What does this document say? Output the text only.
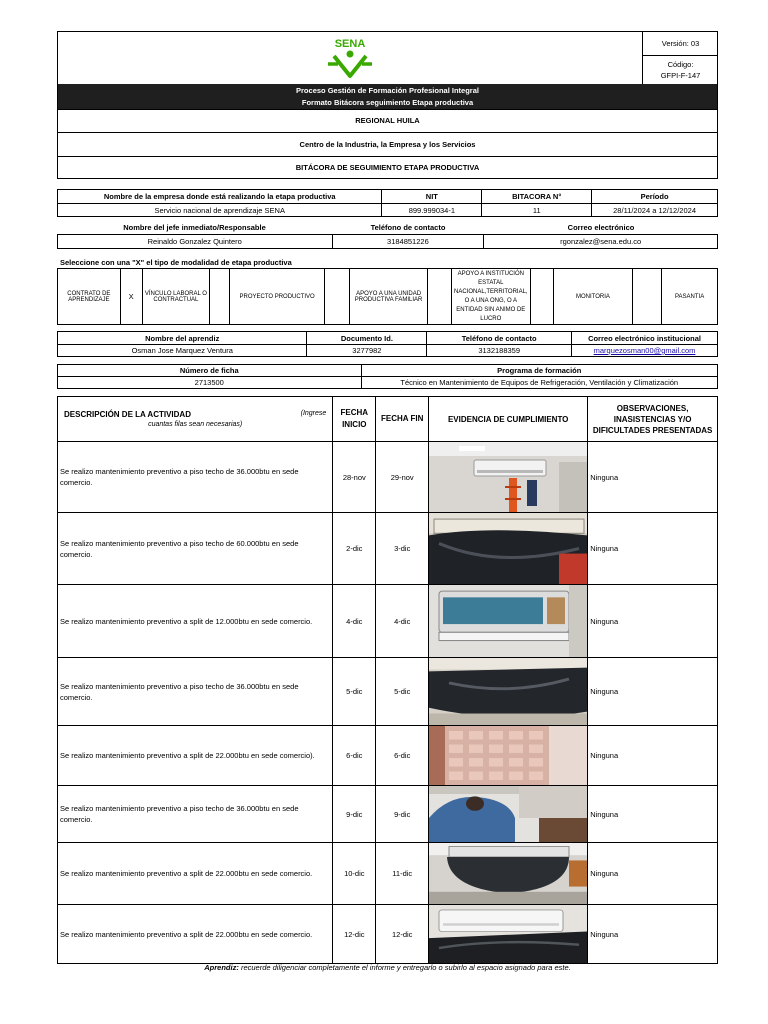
SENA	Versión: 03
Código:
GFPI-F-147
Proceso Gestión de Formación Profesional Integral
Formato Bitácora seguimiento Etapa productiva
REGIONAL HUILA
Centro de la Industria, la Empresa y los Servicios
BITÁCORA DE SEGUIMIENTO ETAPA PRODUCTIVA
Nombre de la empresa donde está realizando la etapa productiva	NIT	BITACORA N°	Período
Servicio nacional de aprendizaje SENA	899.999034-1	11	28/11/2024 a 12/12/2024
Nombre del jefe inmediato/Responsable	Teléfono de contacto	Correo electrónico
Reinaldo Gonzalez Quintero	3184851226	rgonzalez@sena.edu.co
Seleccione con una "X" el tipo de modalidad de etapa productiva
CONTRATO DE APRENDIZAJE	X	VÍNCULO LABORAL O CONTRACTUAL		PROYECTO PRODUCTIVO		APOYO A UNA UNIDAD PRODUCTIVA FAMILIAR		APOYO A INSTITUCIÓN ESTATAL NACIONAL,TERRITORIAL, O A UNA ONG, O A ENTIDAD SIN ANIMO DE LUCRO		MONITORIA		PASANTIA
Nombre del aprendiz	Documento Id.	Teléfono de contacto	Correo electrónico institucional
Osman Jose Marquez Ventura	3277982	3132188359	marquezosman00@gmail.com
Número de ficha	Programa de formación
2713500	Técnico en Mantenimiento de Equipos de Refrigeración, Ventilación y Climatización
DESCRIPCIÓN DE LA ACTIVIDAD (Ingrese
cuantas filas sean necesarias)	FECHA INICIO	FECHA FIN	EVIDENCIA DE CUMPLIMIENTO	OBSERVACIONES, INASISTENCIAS Y/O DIFICULTADES PRESENTADAS
Se realizo mantenimiento preventivo a piso techo de 36.000btu en sede comercio.	28-nov	29-nov		Ninguna
Se realizo mantenimiento preventivo a piso techo de 60.000btu en sede comercio.	2-dic	3-dic		Ninguna
Se realizo mantenimiento preventivo a split de 12.000btu en sede comercio.	4-dic	4-dic		Ninguna
Se realizo mantenimiento preventivo a piso techo de 36.000btu en sede comercio.	5-dic	5-dic		Ninguna
Se realizo mantenimiento preventivo a split de 22.000btu en sede comercio).	6-dic	6-dic		Ninguna
Se realizo mantenimiento preventivo a piso techo de 36.000btu en sede comercio.	9-dic	9-dic		Ninguna
Se realizo mantenimiento preventivo a split de 22.000btu en sede comercio.	10-dic	11-dic		Ninguna
Se realizo mantenimiento preventivo a split de 22.000btu en sede comercio.	12-dic	12-dic		Ninguna
Aprendiz: recuerde diligenciar completamente el informe y entregarlo o subirlo al espacio asignado para este.
